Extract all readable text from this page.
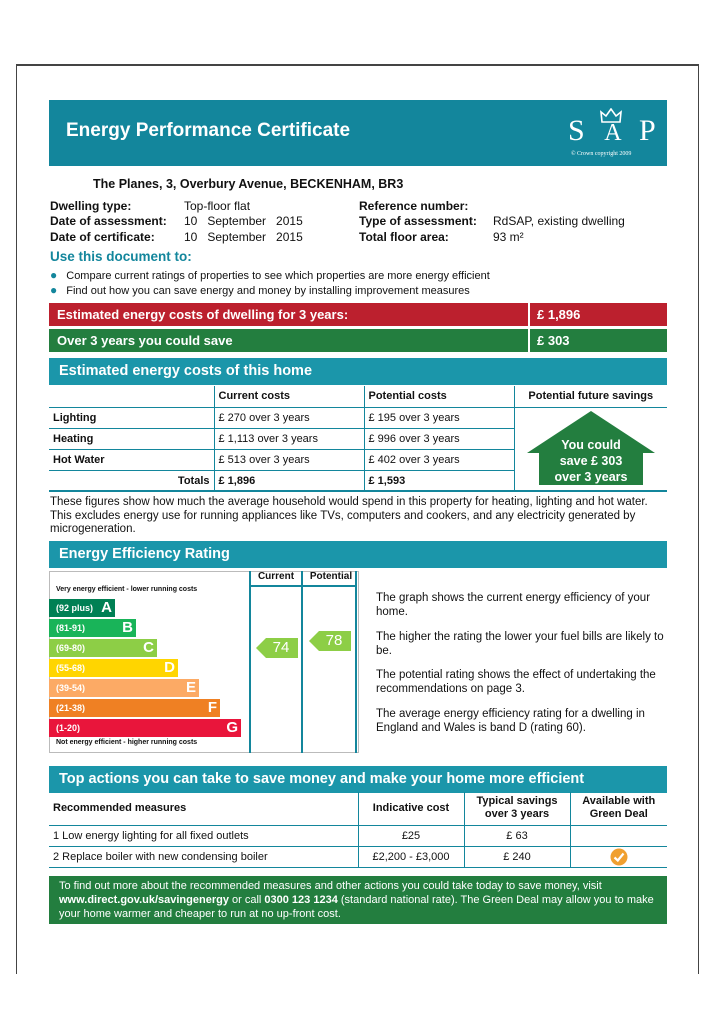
Energy Performance Certificate	S A P
© Crown copyright 2009
The Planes, 3, Overbury Avenue, BECKENHAM, BR3
Dwelling type:	Top-floor flat
Date of assessment: 10   September   2015
Date of certificate: 10   September   2015
Reference number:
Type of assessment: RdSAP, existing dwelling
Total floor area:	93 m²
Use this document to:
● Compare current ratings of properties to see which properties are more energy efficient
● Find out how you can save energy and money by installing improvement measures
Estimated energy costs of dwelling for 3 years:	£ 1,896
Over 3 years you could save	£ 303
Estimated energy costs of this home
	Current costs	Potential costs	Potential future savings
Lighting	£ 270 over 3 years	£ 195 over 3 years	
Heating	£ 1,113 over 3 years	£ 996 over 3 years	
Hot Water	£ 513 over 3 years	£ 402 over 3 years	
Totals	£ 1,896	£ 1,593	
You could
save £ 303
over 3 years
These figures show how much the average household would spend in this property for heating, lighting and hot water. This excludes energy use for running appliances like TVs, computers and cookers, and any electricity generated by microgeneration.
Energy Efficiency Rating
Very energy efficient - lower running costs
(92 plus) A
(81-91) B
(69-80)	C
(55-68)	D
(39-54)	E
(21-38)	F
(1-20)	G
Not energy efficient - higher running costs
Current	Potential
74	78
The graph shows the current energy efficiency of your home.
The higher the rating the lower your fuel bills are likely to be.
The potential rating shows the effect of undertaking the recommendations on page 3.
The average energy efficiency rating for a dwelling in England and Wales is band D (rating 60).
Top actions you can take to save money and make your home more efficient
Recommended measures	Indicative cost	Typical savings over 3 years	Available with Green Deal
1 Low energy lighting for all fixed outlets	£25	£ 63	
2 Replace boiler with new condensing boiler	£2,200 - £3,000	£ 240	
To find out more about the recommended measures and other actions you could take today to save money, visit www.direct.gov.uk/savingenergy or call 0300 123 1234 (standard national rate). The Green Deal may allow you to make your home warmer and cheaper to run at no up-front cost.
